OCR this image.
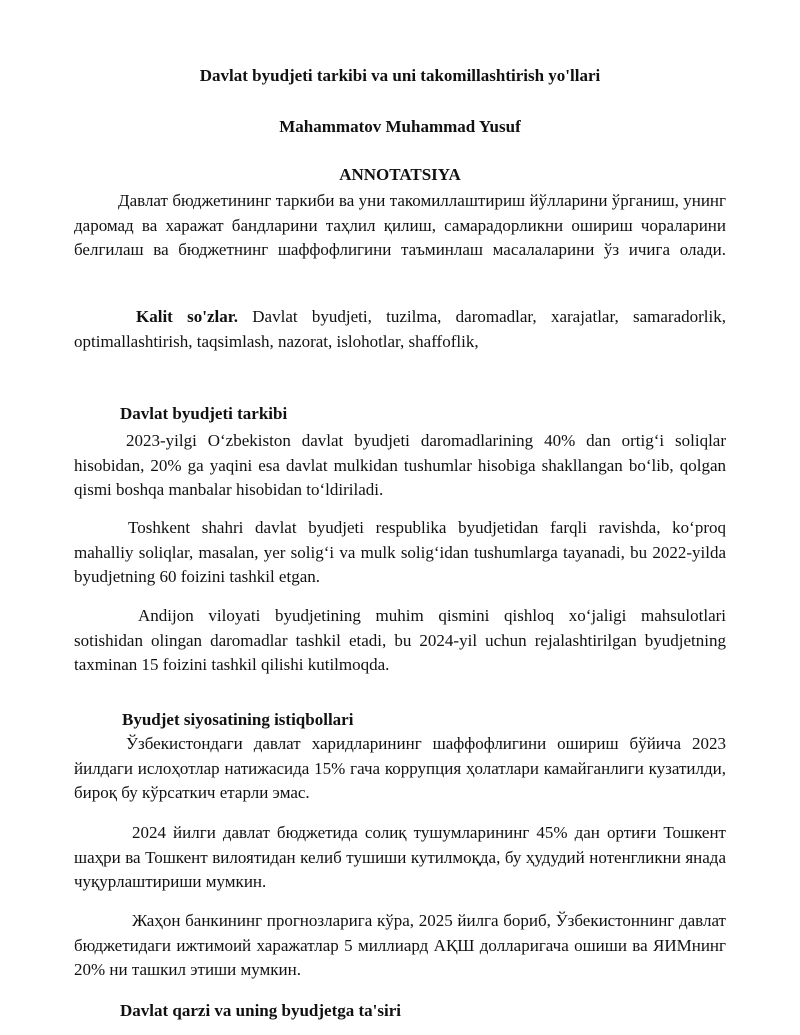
Davlat byudjeti tarkibi va uni takomillashtirish yo'llari
Mahammatov Muhammad Yusuf
ANNOTATSIYA
Давлат бюджетининг таркиби ва уни такомиллаштириш йўлларини ўрганиш, унинг даромад ва харажат бандларини таҳлил қилиш, самарадорликни ошириш чораларини белгилаш ва бюджетнинг шаффофлигини таъминлаш масалаларини ўз ичига олади.
Kalit so'zlar. Davlat byudjeti, tuzilma, daromadlar, xarajatlar, samaradorlik, optimallashtirish, taqsimlash, nazorat, islohotlar, shaffoflik,
Davlat byudjeti tarkibi
2023-yilgi O‘zbekiston davlat byudjeti daromadlarining 40% dan ortig‘i soliqlar hisobidan, 20% ga yaqini esa davlat mulkidan tushumlar hisobiga shakllangan bo‘lib, qolgan qismi boshqa manbalar hisobidan to‘ldiriladi.
Toshkent shahri davlat byudjeti respublika byudjetidan farqli ravishda, ko‘proq mahalliy soliqlar, masalan, yer solig‘i va mulk solig‘idan tushumlarga tayanadi, bu 2022-yilda byudjetning 60 foizini tashkil etgan.
Andijon viloyati byudjetining muhim qismini qishloq xo‘jaligi mahsulotlari sotishidan olingan daromadlar tashkil etadi, bu 2024-yil uchun rejalashtirilgan byudjetning taxminan 15 foizini tashkil qilishi kutilmoqda.
Byudjet siyosatining istiqbollari
Ўзбекистондаги давлат харидларининг шаффофлигини ошириш бўйича 2023 йилдаги ислоҳотлар натижасида 15% гача коррупция ҳолатлари камайганлиги кузатилди, бироқ бу кўрсаткич етарли эмас.
2024 йилги давлат бюджетида солиқ тушумларининг 45% дан ортиғи Тошкент шаҳри ва Тошкент вилоятидан келиб тушиши кутилмоқда, бу ҳудудий нотенгликни янада чуқурлаштириши мумкин.
Жаҳон банкининг прогнозларига кўра, 2025 йилга бориб, Ўзбекистоннинг давлат бюджетидаги ижтимоий харажатлар 5 миллиард АҚШ долларигача ошиши ва ЯИМнинг 20% ни ташкил этиши мумкин.
Davlat qarzi va uning byudjetga ta'siri
